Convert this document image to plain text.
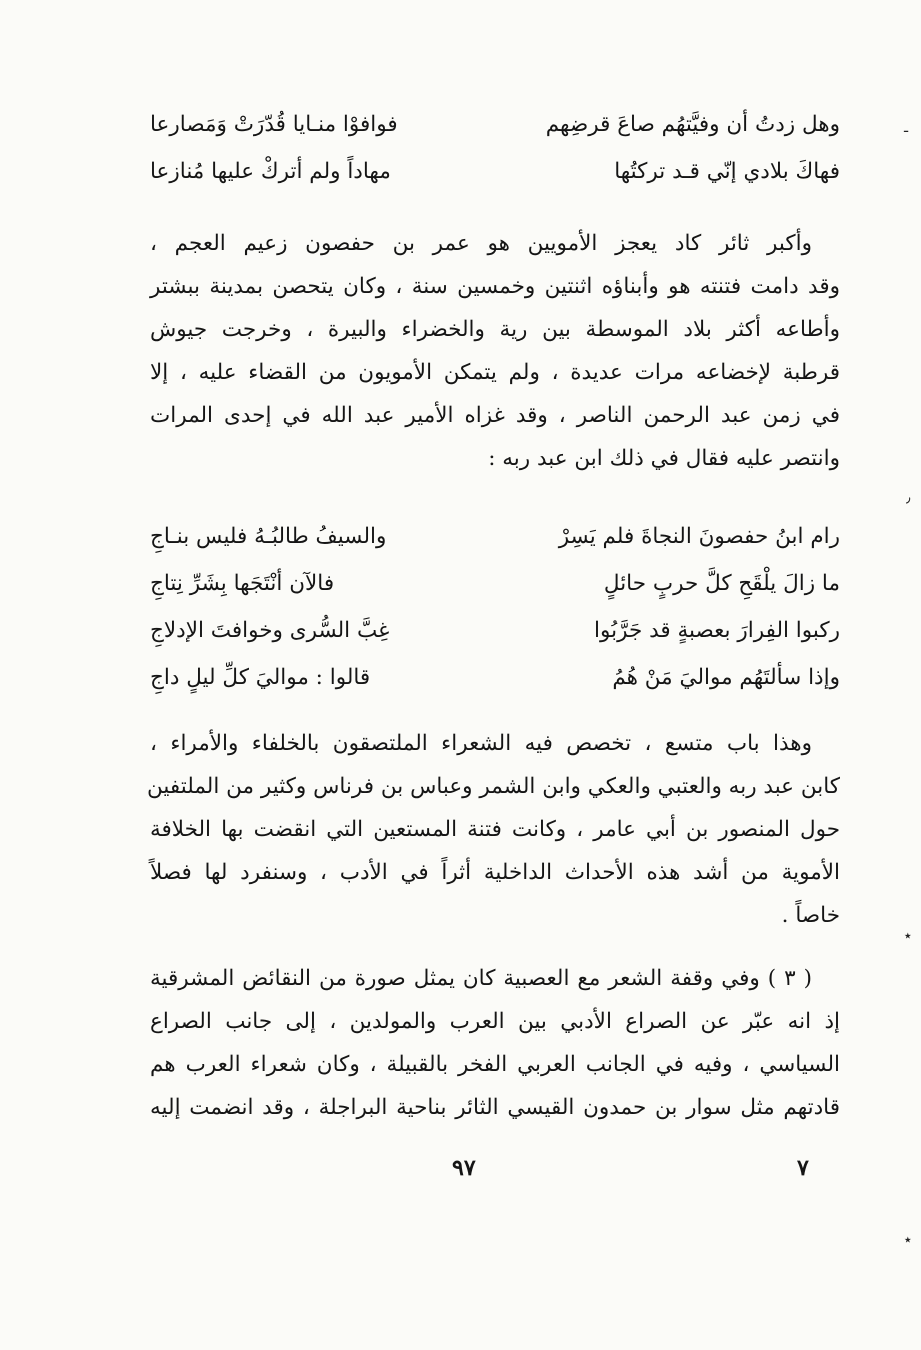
وهل زدتُ أن وفيَّتهُم صاعَ قرضِهم
فوافوْا منـايا قُدّرَتْ وَمَصارعا
فهاكَ بلادي إنّي قـد تركتُها
مهاداً ولم أتركْ عليها مُنازعا
وأكبر ثائر كاد يعجز الأمويين هو عمر بن حفصون زعيم العجم ،
وقد دامت فتنته هو وأبناؤه اثنتين وخمسين سنة ، وكان يتحصن بمدينة ببشتر
وأطاعه أكثر بلاد الموسطة بين رية والخضراء والبيرة ، وخرجت جيوش
قرطبة لإخضاعه مرات عديدة ، ولم يتمكن الأمويون من القضاء عليه ، إلا
في زمن عبد الرحمن الناصر ، وقد غزاه الأمير عبد الله في إحدى المرات
وانتصر عليه فقال في ذلك ابن عبد ربه :
رام ابنُ حفصونَ النجاةَ فلم يَسِرْ
والسيفُ طالبُـهُ فليس بنـاجِ
ما زالَ يلْقَحِ كلَّ حربٍ حائلٍ
فالآن أنْتَجَها بِشَرِّ نِتاجِ
ركبوا الفِرارَ بعصبةٍ قد جَرَّبُوا
غِبَّ السُّرى وخوافتَ الإدلاجِ
وإذا سألتَهُم مواليَ مَنْ هُمُ
قالوا : مواليَ كلِّ ليلٍ داجِ
وهذا باب متسع ، تخصص فيه الشعراء الملتصقون بالخلفاء والأمراء ،
كابن عبد ربه والعتبي والعكي وابن الشمر وعباس بن فرناس وكثير من الملتفين
حول المنصور بن أبي عامر ، وكانت فتنة المستعين التي انقضت بها الخلافة
الأموية من أشد هذه الأحداث الداخلية أثراً في الأدب ، وسنفرد لها فصلاً
خاصاً .
( ٣ ) وفي وقفة الشعر مع العصبية كان يمثل صورة من النقائض المشرقية
إذ انه عبّر عن الصراع الأدبي بين العرب والمولدين ، إلى جانب الصراع
السياسي ، وفيه في الجانب العربي الفخر بالقبيلة ، وكان شعراء العرب هم
قادتهم مثل سوار بن حمدون القيسي الثائر بناحية البراجلة ، وقد انضمت إليه
٩٧	٧
ـ
٫
٭
٭
